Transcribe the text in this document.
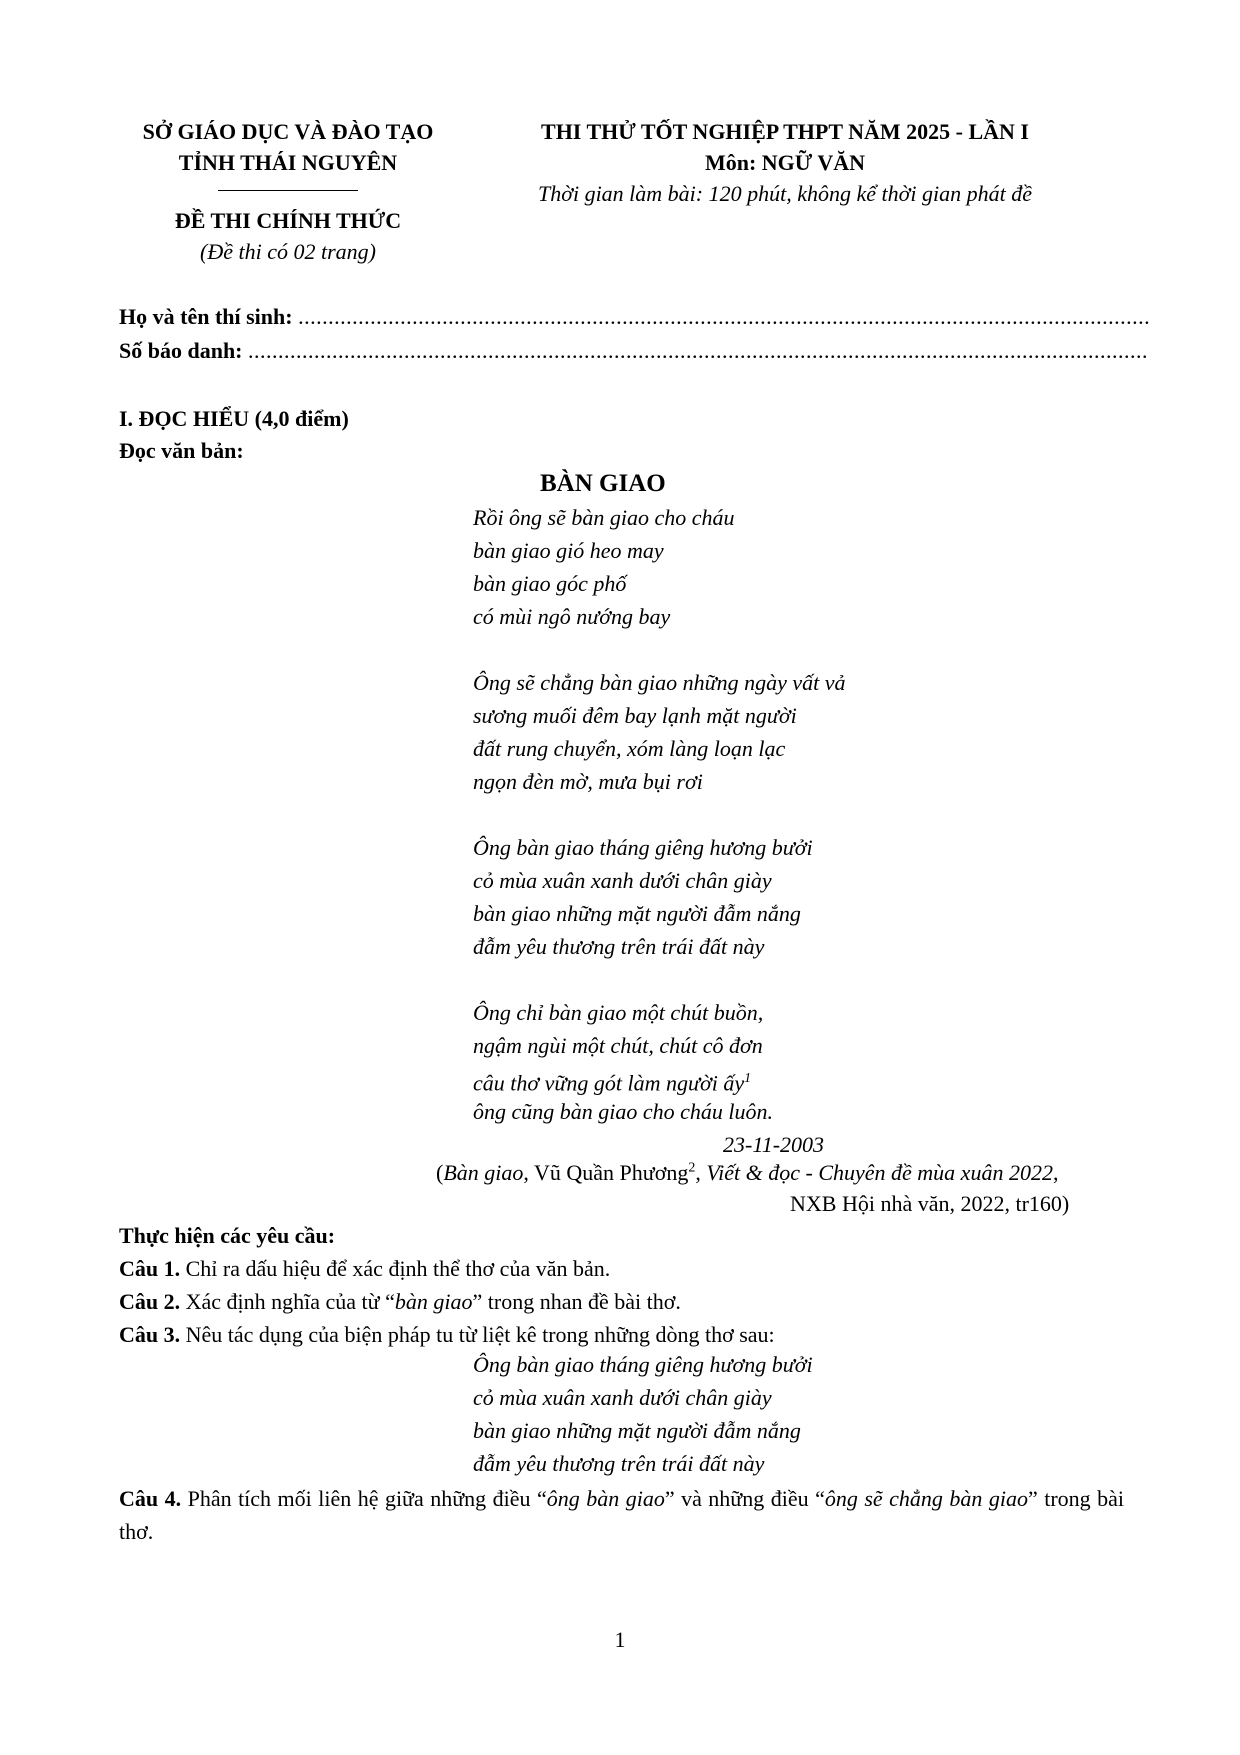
SỞ GIÁO DỤC VÀ ĐÀO TẠO
TỈNH THÁI NGUYÊN
ĐỀ THI CHÍNH THỨC
(Đề thi có 02 trang)
THI THỬ TỐT NGHIỆP THPT NĂM 2025 - LẦN I
Môn: NGỮ VĂN
Thời gian làm bài: 120 phút, không kể thời gian phát đề
Họ và tên thí sinh: ..............................................................................................................................................
Số báo danh: ......................................................................................................................................................
I. ĐỌC HIỂU (4,0 điểm)
Đọc văn bản:
BÀN GIAO
Rồi ông sẽ bàn giao cho cháu
bàn giao gió heo may
bàn giao góc phố
có mùi ngô nướng bay
Ông sẽ chẳng bàn giao những ngày vất vả
sương muối đêm bay lạnh mặt người
đất rung chuyển, xóm làng loạn lạc
ngọn đèn mờ, mưa bụi rơi
Ông bàn giao tháng giêng hương bưởi
cỏ mùa xuân xanh dưới chân giày
bàn giao những mặt người đẫm nắng
đẫm yêu thương trên trái đất này
Ông chỉ bàn giao một chút buồn,
ngậm ngùi một chút, chút cô đơn
câu thơ vững gót làm người ấy$^1$
ông cũng bàn giao cho cháu luôn.
23-11-2003
(Bàn giao, Vũ Quần Phương$^2$, Viết & đọc - Chuyên đề mùa xuân 2022,
NXB Hội nhà văn, 2022, tr160)
Thực hiện các yêu cầu:
Câu 1. Chỉ ra dấu hiệu để xác định thể thơ của văn bản.
Câu 2. Xác định nghĩa của từ “bàn giao” trong nhan đề bài thơ.
Câu 3. Nêu tác dụng của biện pháp tu từ liệt kê trong những dòng thơ sau:
Ông bàn giao tháng giêng hương bưởi
cỏ mùa xuân xanh dưới chân giày
bàn giao những mặt người đẫm nắng
đẫm yêu thương trên trái đất này
Câu 4. Phân tích mối liên hệ giữa những điều “ông bàn giao” và những điều “ông sẽ chẳng bàn giao” trong bài thơ.
1
